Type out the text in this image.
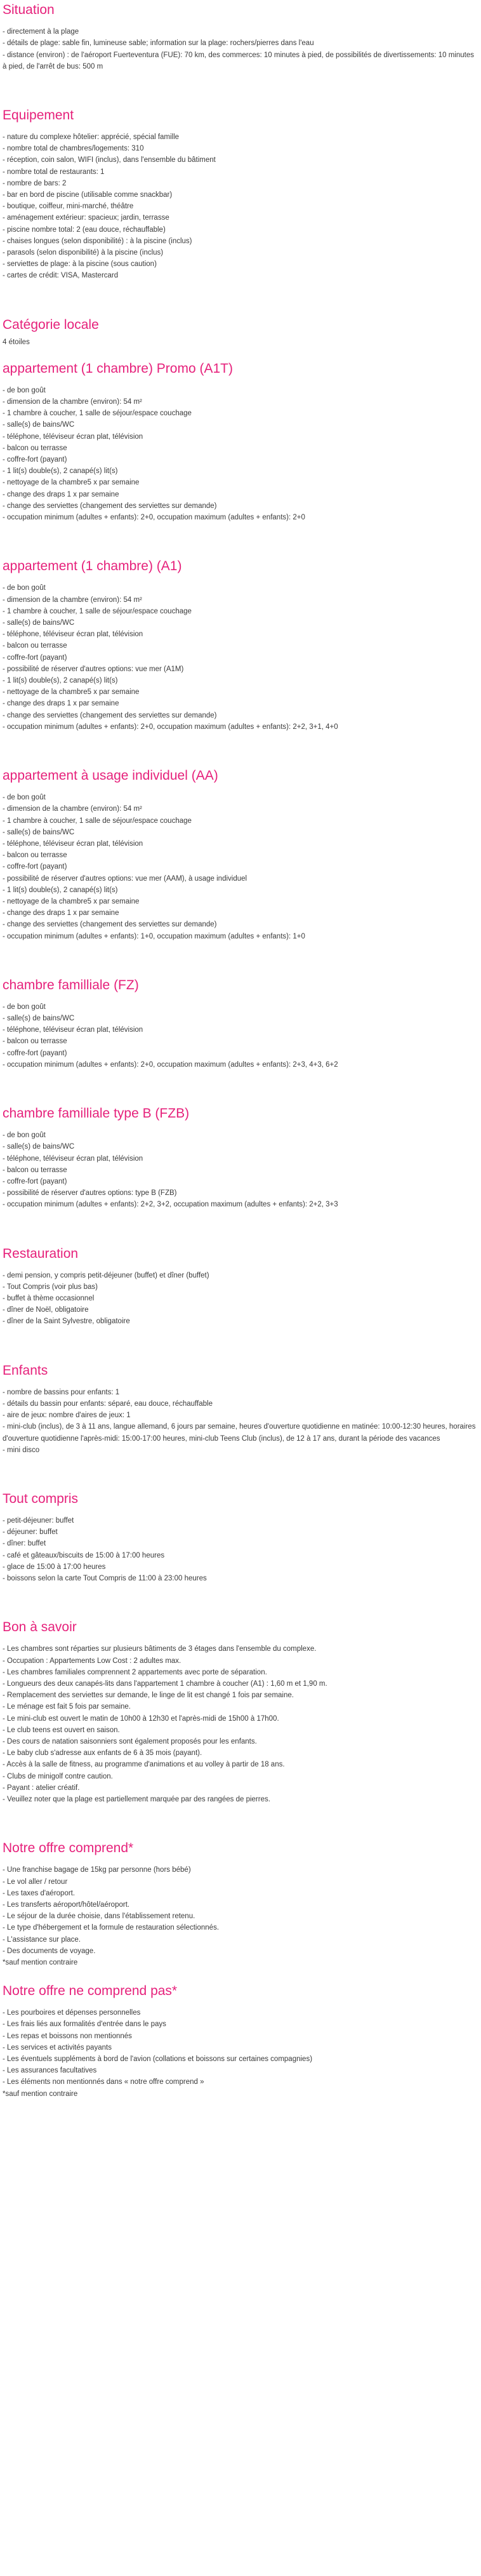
Situation
- directement à la plage
- détails de plage: sable fin, lumineuse sable; information sur la plage: rochers/pierres dans l'eau
- distance (environ) : de l'aéroport Fuerteventura (FUE): 70 km, des commerces: 10 minutes à pied, de possibilités de divertissements: 10 minutes à pied, de l'arrêt de bus: 500 m
Equipement
- nature du complexe hôtelier: apprécié, spécial famille
- nombre total de chambres/logements: 310
- réception, coin salon, WIFI (inclus), dans l'ensemble du bâtiment
- nombre total de restaurants: 1
- nombre de bars: 2
- bar en bord de piscine (utilisable comme snackbar)
- boutique, coiffeur, mini-marché, théâtre
- aménagement extérieur: spacieux; jardin, terrasse
- piscine nombre total: 2 (eau douce, réchauffable)
- chaises longues (selon disponibilité) : à la piscine (inclus)
- parasols (selon disponibilité) à la piscine (inclus)
- serviettes de plage: à la piscine (sous caution)
- cartes de crédit: VISA, Mastercard
Catégorie locale
4 étoiles
appartement (1 chambre) Promo (A1T)
- de bon goût
- dimension de la chambre (environ): 54 m²
- 1 chambre à coucher, 1 salle de séjour/espace couchage
- salle(s) de bains/WC
- téléphone, téléviseur écran plat, télévision
- balcon ou terrasse
- coffre-fort (payant)
- 1 lit(s) double(s), 2 canapé(s) lit(s)
- nettoyage de la chambre5 x par semaine
- change des draps 1 x par semaine
- change des serviettes (changement des serviettes sur demande)
- occupation minimum (adultes + enfants): 2+0, occupation maximum (adultes + enfants): 2+0
appartement (1 chambre) (A1)
- de bon goût
- dimension de la chambre (environ): 54 m²
- 1 chambre à coucher, 1 salle de séjour/espace couchage
- salle(s) de bains/WC
- téléphone, téléviseur écran plat, télévision
- balcon ou terrasse
- coffre-fort (payant)
- possibilité de réserver d'autres options: vue mer (A1M)
- 1 lit(s) double(s), 2 canapé(s) lit(s)
- nettoyage de la chambre5 x par semaine
- change des draps 1 x par semaine
- change des serviettes (changement des serviettes sur demande)
- occupation minimum (adultes + enfants): 2+0, occupation maximum (adultes + enfants): 2+2, 3+1, 4+0
appartement à usage individuel (AA)
- de bon goût
- dimension de la chambre (environ): 54 m²
- 1 chambre à coucher, 1 salle de séjour/espace couchage
- salle(s) de bains/WC
- téléphone, téléviseur écran plat, télévision
- balcon ou terrasse
- coffre-fort (payant)
- possibilité de réserver d'autres options: vue mer (AAM), à usage individuel
- 1 lit(s) double(s), 2 canapé(s) lit(s)
- nettoyage de la chambre5 x par semaine
- change des draps 1 x par semaine
- change des serviettes (changement des serviettes sur demande)
- occupation minimum (adultes + enfants): 1+0, occupation maximum (adultes + enfants): 1+0
chambre familliale (FZ)
- de bon goût
- salle(s) de bains/WC
- téléphone, téléviseur écran plat, télévision
- balcon ou terrasse
- coffre-fort (payant)
- occupation minimum (adultes + enfants): 2+0, occupation maximum (adultes + enfants): 2+3, 4+3, 6+2
chambre familliale type B (FZB)
- de bon goût
- salle(s) de bains/WC
- téléphone, téléviseur écran plat, télévision
- balcon ou terrasse
- coffre-fort (payant)
- possibilité de réserver d'autres options: type B (FZB)
- occupation minimum (adultes + enfants): 2+2, 3+2, occupation maximum (adultes + enfants): 2+2, 3+3
Restauration
- demi pension, y compris petit-déjeuner (buffet) et dîner (buffet)
- Tout Compris (voir plus bas)
- buffet à thème occasionnel
- dîner de Noël, obligatoire
- dîner de la Saint Sylvestre, obligatoire
Enfants
- nombre de bassins pour enfants: 1
- détails du bassin pour enfants: séparé, eau douce, réchauffable
- aire de jeux: nombre d'aires de jeux: 1
- mini-club (inclus), de 3 à 11 ans, langue allemand, 6 jours par semaine, heures d'ouverture quotidienne en matinée: 10:00-12:30 heures, horaires d'ouverture quotidienne l'après-midi: 15:00-17:00 heures, mini-club Teens Club (inclus), de 12 à 17 ans, durant la période des vacances
- mini disco
Tout compris
- petit-déjeuner: buffet
- déjeuner: buffet
- dîner: buffet
- café et gâteaux/biscuits de 15:00 à 17:00 heures
- glace de 15:00 à 17:00 heures
- boissons selon la carte Tout Compris de 11:00 à 23:00 heures
Bon à savoir
- Les chambres sont réparties sur plusieurs bâtiments de 3 étages dans l'ensemble du complexe.
- Occupation : Appartements Low Cost : 2 adultes max.
- Les chambres familiales comprennent 2 appartements avec porte de séparation.
- Longueurs des deux canapés-lits dans l'appartement 1 chambre à coucher (A1) : 1,60 m et 1,90 m.
- Remplacement des serviettes sur demande, le linge de lit est changé 1 fois par semaine.
- Le ménage est fait 5 fois par semaine.
- Le mini-club est ouvert le matin de 10h00 à 12h30 et l'après-midi de 15h00 à 17h00.
- Le club teens est ouvert en saison.
- Des cours de natation saisonniers sont également proposés pour les enfants.
- Le baby club s'adresse aux enfants de 6 à 35 mois (payant).
- Accès à la salle de fitness, au programme d'animations et au volley à partir de 18 ans.
- Clubs de minigolf contre caution.
- Payant : atelier créatif.
- Veuillez noter que la plage est partiellement marquée par des rangées de pierres.
Notre offre comprend*
- Une franchise bagage de 15kg par personne (hors bébé)
- Le vol aller / retour
- Les taxes d'aéroport.
- Les transferts aéroport/hôtel/aéroport.
- Le séjour de la durée choisie, dans l'établissement retenu.
- Le type d'hébergement et la formule de restauration sélectionnés.
- L'assistance sur place.
- Des documents de voyage.
*sauf mention contraire
Notre offre ne comprend pas*
- Les pourboires et dépenses personnelles
- Les frais liés aux formalités d'entrée dans le pays
- Les repas et boissons non mentionnés
- Les services et activités payants
- Les éventuels suppléments à bord de l'avion (collations et boissons sur certaines compagnies)
- Les assurances facultatives
- Les éléments non mentionnés dans « notre offre comprend »
*sauf mention contraire
